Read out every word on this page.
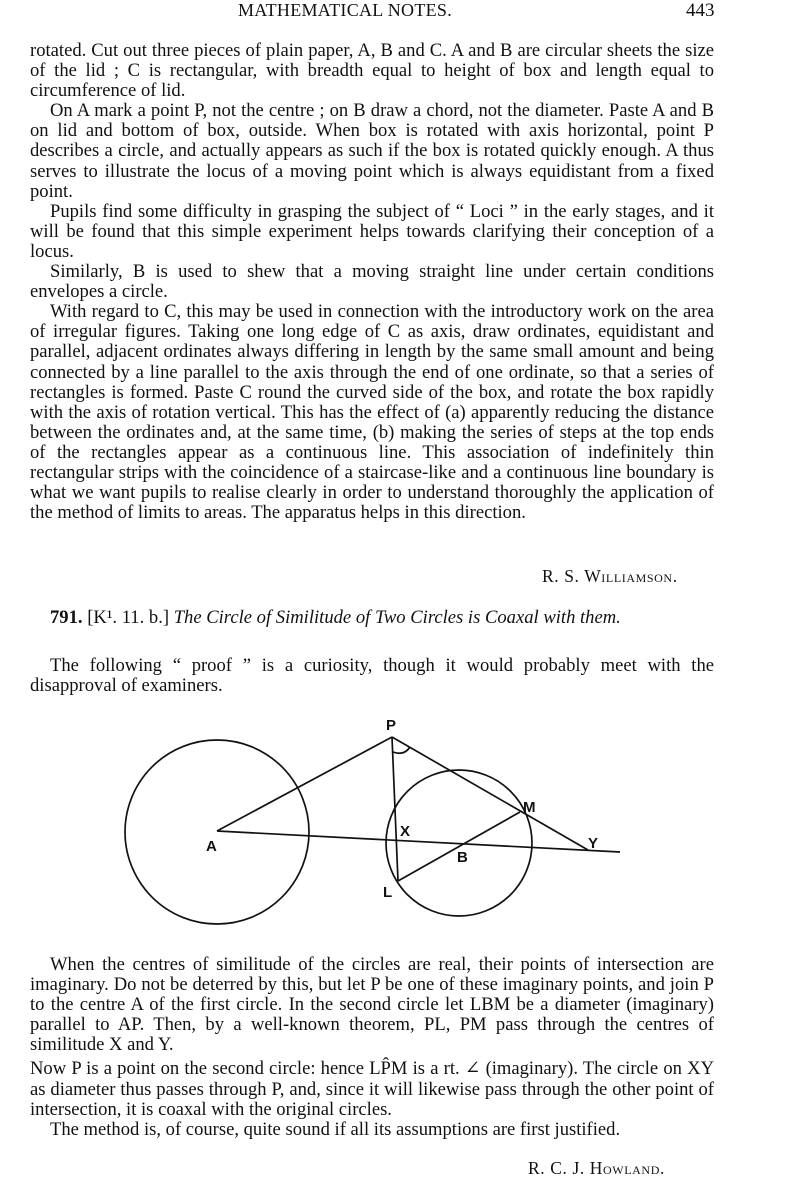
MATHEMATICAL NOTES.	443

rotated. Cut out three pieces of plain paper, A, B and C. A and B are circular sheets the size of the lid ; C is rectangular, with breadth equal to height of box and length equal to circumference of lid.

On A mark a point P, not the centre ; on B draw a chord, not the diameter. Paste A and B on lid and bottom of box, outside. When box is rotated with axis horizontal, point P describes a circle, and actually appears as such if the box is rotated quickly enough. A thus serves to illustrate the locus of a moving point which is always equidistant from a fixed point.

Pupils find some difficulty in grasping the subject of “ Loci ” in the early stages, and it will be found that this simple experiment helps towards clarifying their conception of a locus.

Similarly, B is used to shew that a moving straight line under certain conditions envelopes a circle.

With regard to C, this may be used in connection with the introductory work on the area of irregular figures. Taking one long edge of C as axis, draw ordinates, equidistant and parallel, adjacent ordinates always differing in length by the same small amount and being connected by a line parallel to the axis through the end of one ordinate, so that a series of rectangles is formed. Paste C round the curved side of the box, and rotate the box rapidly with the axis of rotation vertical. This has the effect of (a) apparently reducing the distance between the ordinates and, at the same time, (b) making the series of steps at the top ends of the rectangles appear as a continuous line. This association of indefinitely thin rectangular strips with the coincidence of a staircase-like and a continuous line boundary is what we want pupils to realise clearly in order to understand thoroughly the application of the method of limits to areas. The apparatus helps in this direction.

R. S. Williamson.
791. [K¹. 11. b.] The Circle of Similitude of Two Circles is Coaxal with them.

The following “ proof ” is a curiosity, though it would probably meet with the disapproval of examiners.

P
A
X
B
M
Y
L

When the centres of similitude of the circles are real, their points of intersection are imaginary. Do not be deterred by this, but let P be one of these imaginary points, and join P to the centre A of the first circle. In the second circle let LBM be a diameter (imaginary) parallel to AP. Then, by a well-known theorem, PL, PM pass through the centres of similitude X and Y.

Now P is a point on the second circle: hence LP̂M is a rt. ∠ (imaginary). The circle on XY as diameter thus passes through P, and, since it will likewise pass through the other point of intersection, it is coaxal with the original circles.

The method is, of course, quite sound if all its assumptions are first justified.

R. C. J. Howland.
